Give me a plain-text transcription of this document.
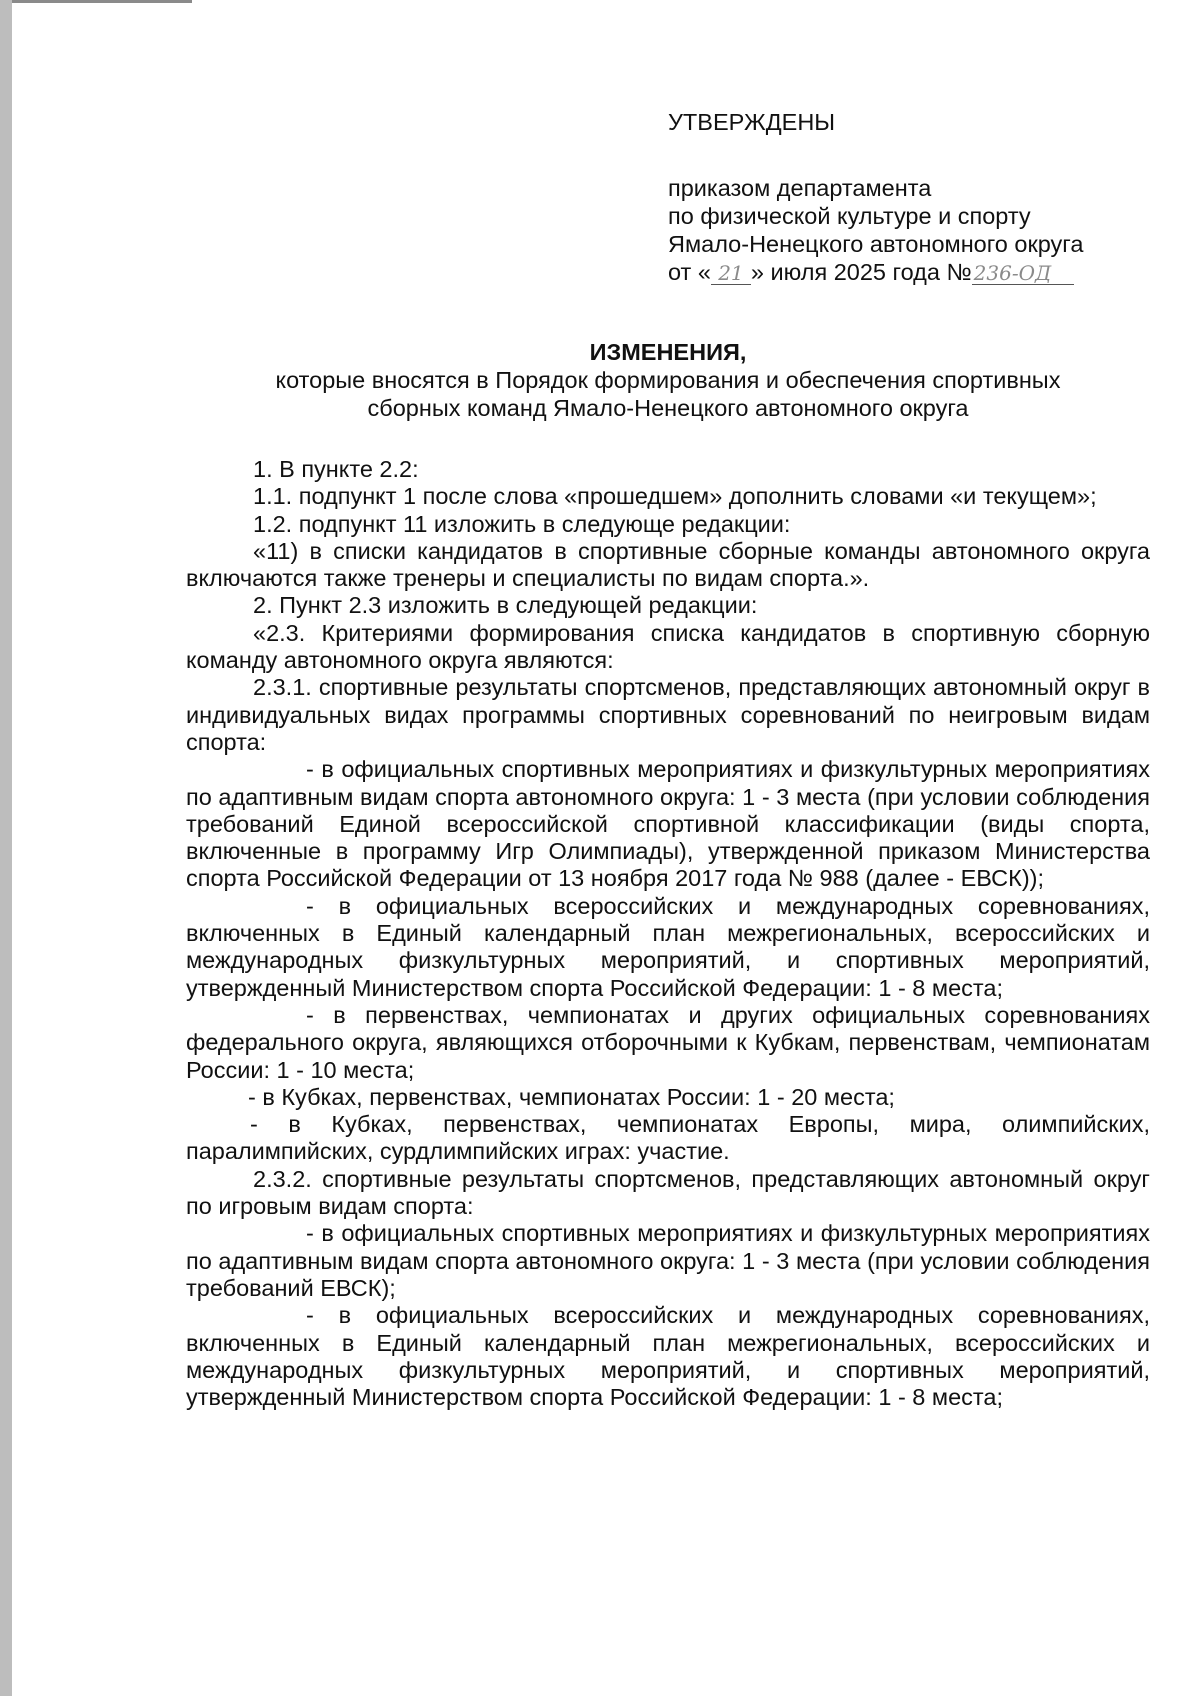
УТВЕРЖДЕНЫ
приказом департамента
по физической культуре и спорту
Ямало-Ненецкого автономного округа
от « 21 » июля 2025 года № 236-ОД
ИЗМЕНЕНИЯ,
которые вносятся в Порядок формирования и обеспечения спортивных
сборных команд Ямало-Ненецкого автономного округа

1. В пункте 2.2:

1.1. подпункт 1 после слова «прошедшем» дополнить словами «и текущем»;

1.2. подпункт 11 изложить в следующе редакции:

«11) в списки кандидатов в спортивные сборные команды автономного округа включаются также тренеры и специалисты по видам спорта.».

2. Пункт 2.3 изложить в следующей редакции:

«2.3. Критериями формирования списка кандидатов в спортивную сборную команду автономного округа являются:

2.3.1. спортивные результаты спортсменов, представляющих автономный округ в индивидуальных видах программы спортивных соревнований по неигровым видам спорта:

- в официальных спортивных мероприятиях и физкультурных мероприятиях по адаптивным видам спорта автономного округа: 1 - 3 места (при условии соблюдения требований Единой всероссийской спортивной классификации (виды спорта, включенные в программу Игр Олимпиады), утвержденной приказом Министерства спорта Российской Федерации от 13 ноября 2017 года № 988 (далее - ЕВСК));

- в официальных всероссийских и международных соревнованиях, включенных в Единый календарный план межрегиональных, всероссийских и международных физкультурных мероприятий, и спортивных мероприятий, утвержденный Министерством спорта Российской Федерации: 1 - 8 места;

- в первенствах, чемпионатах и других официальных соревнованиях федерального округа, являющихся отборочными к Кубкам, первенствам, чемпионатам России: 1 - 10 места;

- в Кубках, первенствах, чемпионатах России: 1 - 20 места;

- в Кубках, первенствах, чемпионатах Европы, мира, олимпийских, паралимпийских, сурдлимпийских играх: участие.

2.3.2. спортивные результаты спортсменов, представляющих автономный округ по игровым видам спорта:

- в официальных спортивных мероприятиях и физкультурных мероприятиях по адаптивным видам спорта автономного округа: 1 - 3 места (при условии соблюдения требований ЕВСК);

- в официальных всероссийских и международных соревнованиях, включенных в Единый календарный план межрегиональных, всероссийских и международных физкультурных мероприятий, и спортивных мероприятий, утвержденный Министерством спорта Российской Федерации: 1 - 8 места;
